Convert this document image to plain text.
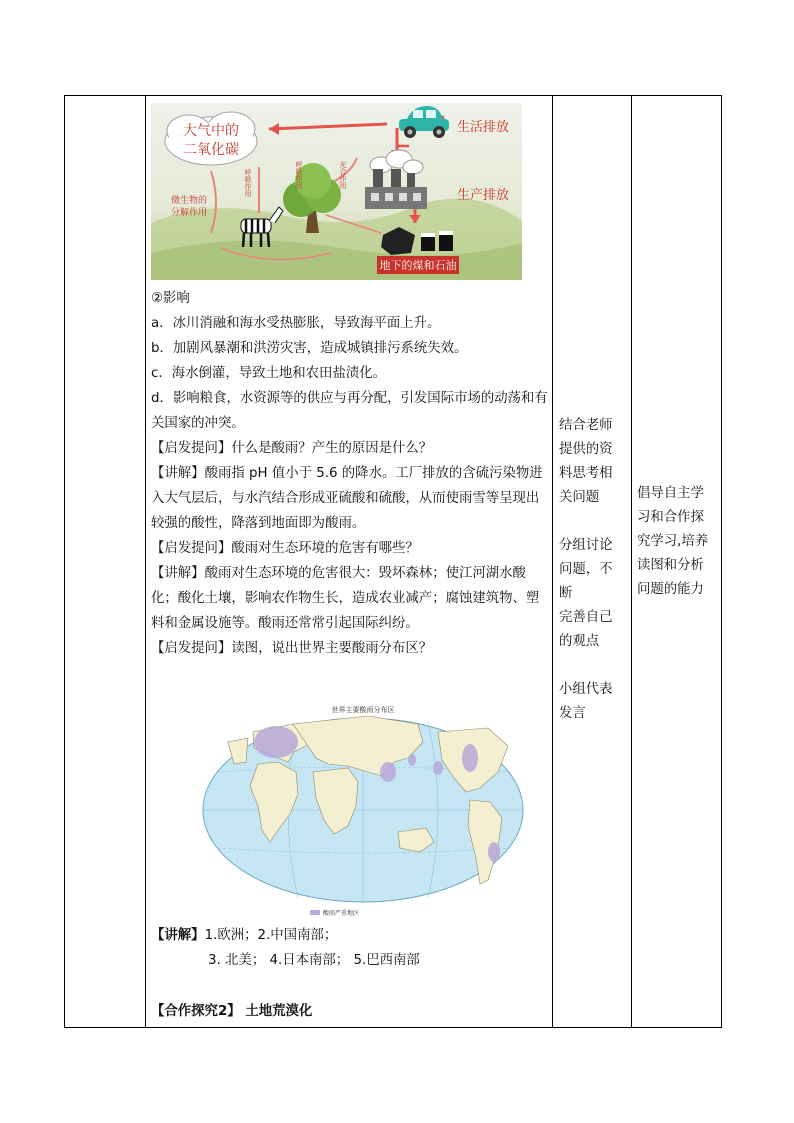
大气中的
二氧化碳
生活排放
生产排放
地下的煤和石油
微生物的
分解作用
呼吸作用	呼吸作用	光合作用

②影响

a．冰川消融和海水受热膨胀，导致海平面上升。

b．加剧风暴潮和洪涝灾害，造成城镇排污系统失效。

c．海水倒灌，导致土地和农田盐渍化。

d．影响粮食，水资源等的供应与再分配，引发国际市场的动荡和有关国家的冲突。

【启发提问】什么是酸雨？产生的原因是什么？

【讲解】酸雨指 pH 值小于 5.6 的降水。工厂排放的含硫污染物进入大气层后，与水汽结合形成亚硫酸和硫酸，从而使雨雪等呈现出较强的酸性，降落到地面即为酸雨。

【启发提问】酸雨对生态环境的危害有哪些？

【讲解】酸雨对生态环境的危害很大：毁坏森林；使江河湖水酸化；酸化土壤，影响农作物生长，造成农业减产；腐蚀建筑物、塑料和金属设施等。酸雨还常常引起国际纠纷。

【启发提问】读图，说出世界主要酸雨分布区？

世界主要酸雨分布区
酸雨严重地区

【讲解】1.欧洲；2.中国南部；

3. 北美； 4.日本南部； 5.巴西南部

【合作探究2】 土地荒漠化

结合老师
提供的资
料思考相
关问题
分组讨论
问题，不断
完善自己
的观点
小组代表
发言
倡导自主学
习和合作探
究学习,培养
读图和分析
问题的能力
